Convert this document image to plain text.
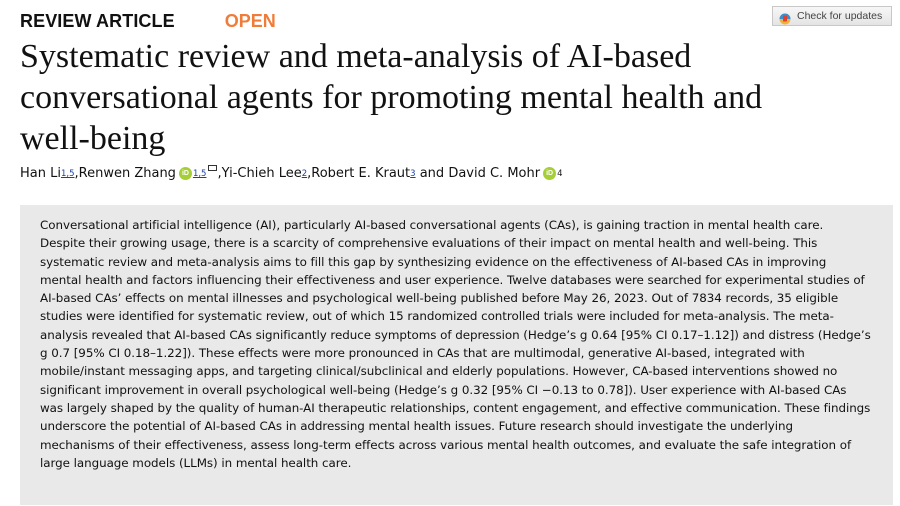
REVIEW ARTICLE	OPEN	Check for updates
Systematic review and meta-analysis of AI-based conversational agents for promoting mental health and well-being
Han Li 1,5 , Renwen Zhang iD 1,5 , Yi-Chieh Lee 2 , Robert E. Kraut 3 and David C. Mohr iD 4

Conversational artificial intelligence (AI), particularly AI-based conversational agents (CAs), is gaining traction in mental health care. Despite their growing usage, there is a scarcity of comprehensive evaluations of their impact on mental health and well-being. This systematic review and meta-analysis aims to fill this gap by synthesizing evidence on the effectiveness of AI-based CAs in improving mental health and factors influencing their effectiveness and user experience. Twelve databases were searched for experimental studies of AI-based CAs’ effects on mental illnesses and psychological well-being published before May 26, 2023. Out of 7834 records, 35 eligible studies were identified for systematic review, out of which 15 randomized controlled trials were included for meta-analysis. The meta-analysis revealed that AI-based CAs significantly reduce symptoms of depression (Hedge’s g 0.64 [95% CI 0.17–1.12]) and distress (Hedge’s g 0.7 [95% CI 0.18–1.22]). These effects were more pronounced in CAs that are multimodal, generative AI-based, integrated with mobile/instant messaging apps, and targeting clinical/subclinical and elderly populations. However, CA-based interventions showed no significant improvement in overall psychological well-being (Hedge’s g 0.32 [95% CI −0.13 to 0.78]). User experience with AI-based CAs was largely shaped by the quality of human-AI therapeutic relationships, content engagement, and effective communication. These findings underscore the potential of AI-based CAs in addressing mental health issues. Future research should investigate the underlying mechanisms of their effectiveness, assess long-term effects across various mental health outcomes, and evaluate the safe integration of large language models (LLMs) in mental health care.
